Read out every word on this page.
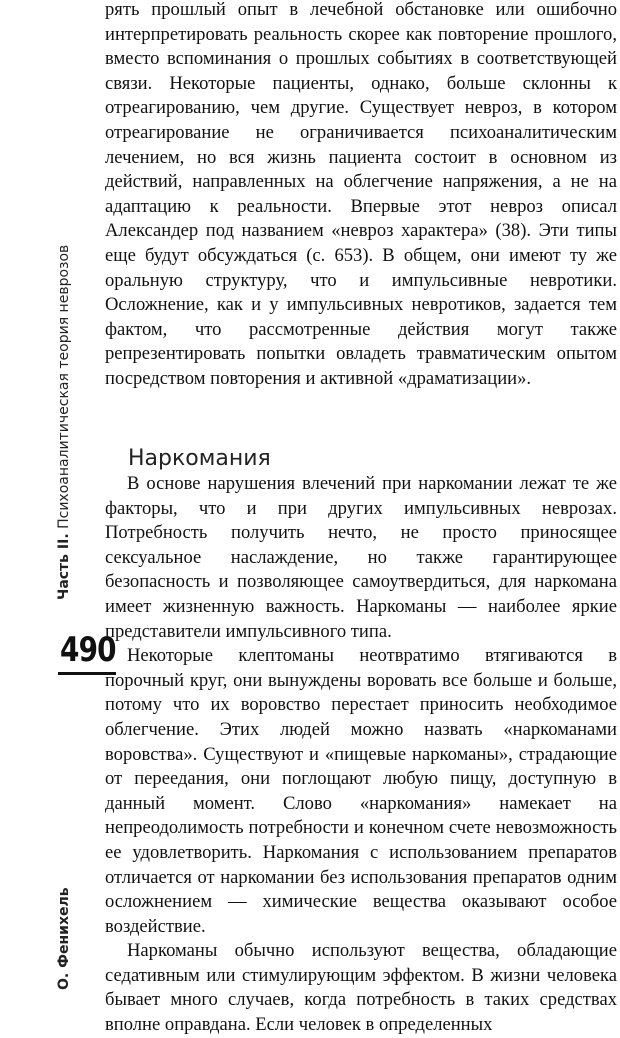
Часть II. Психоаналитическая теория неврозов
490
О. Фенихель

рять прошлый опыт в лечебной обстановке или ошибочно интерпретировать реальность скорее как повторение прошлого, вместо вспоминания о прошлых событиях в соответствующей связи. Некоторые пациенты, однако, больше склонны к отреагированию, чем другие. Существует невроз, в котором отреагирование не ограничивается психоаналитическим лечением, но вся жизнь пациента состоит в основном из действий, направленных на облегчение напряжения, а не на адаптацию к реальности. Впервые этот невроз описал Александер под названием «невроз характера» (38). Эти типы еще будут обсуждаться (с. 653). В общем, они имеют ту же оральную структуру, что и импульсивные невротики. Осложнение, как и у импульсивных невротиков, задается тем фактом, что рассмотренные действия могут также репрезентировать попытки овладеть травматическим опытом посредством повторения и активной «драматизации».

Наркомания

В основе нарушения влечений при наркомании лежат те же факторы, что и при других импульсивных неврозах. Потребность получить нечто, не просто приносящее сексуальное наслаждение, но также гарантирующее безопасность и позволяющее самоутвердиться, для наркомана имеет жизненную важность. Наркоманы — наиболее яркие представители импульсивного типа.

Некоторые клептоманы неотвратимо втягиваются в порочный круг, они вынуждены воровать все больше и больше, потому что их воровство перестает приносить необходимое облегчение. Этих людей можно назвать «наркоманами воровства». Существуют и «пищевые наркоманы», страдающие от переедания, они поглощают любую пищу, доступную в данный момент. Слово «наркомания» намекает на непреодолимость потребности и конечном счете невозможность ее удовлетворить. Наркомания с использованием препаратов отличается от наркомании без использования препаратов одним осложнением — химические вещества оказывают особое воздействие.

Наркоманы обычно используют вещества, обладающие седативным или стимулирующим эффектом. В жизни человека бывает много случаев, когда потребность в таких средствах вполне оправдана. Если человек в определенных
